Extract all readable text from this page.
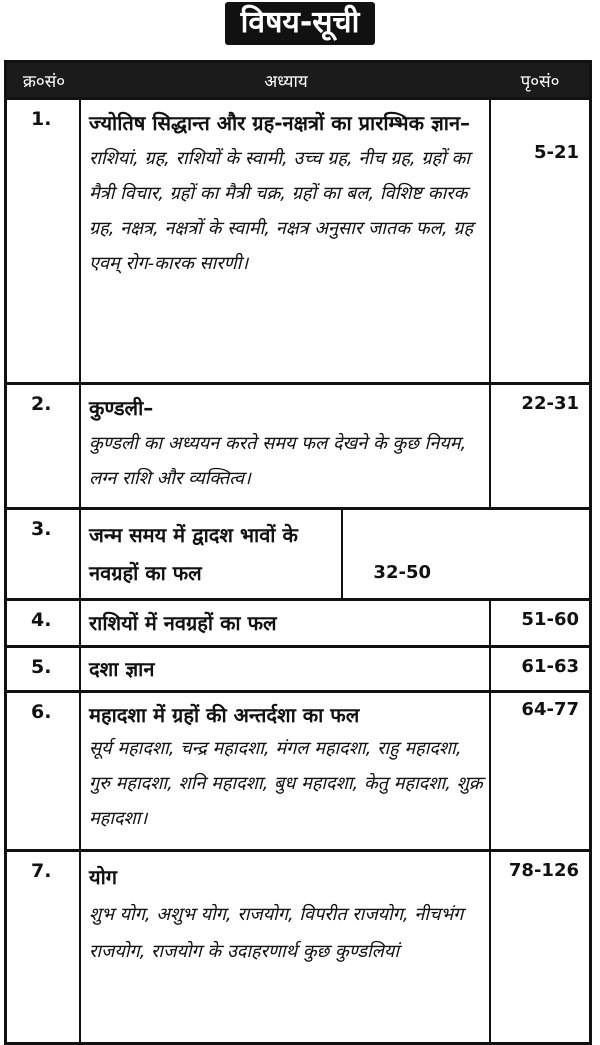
विषय-सूची
क्र०सं०	अध्याय	पृ०सं०
1.	ज्योतिष सिद्धान्त और ग्रह-नक्षत्रों का प्रारम्भिक ज्ञान–
राशियां, ग्रह, राशियों के स्वामी, उच्च ग्रह, नीच ग्रह, ग्रहों का मैत्री विचार, ग्रहों का मैत्री चक्र, ग्रहों का बल, विशिष्ट कारक ग्रह, नक्षत्र, नक्षत्रों के स्वामी, नक्षत्र अनुसार जातक फल, ग्रह एवम् रोग-कारक सारणी।
5-21
2.	कुण्डली–
कुण्डली का अध्ययन करते समय फल देखने के कुछ नियम, लग्न राशि और व्यक्तित्व।
22-31
3.	जन्म समय में द्वादश भावों के नवग्रहों का फल	32-50
4.	राशियों में नवग्रहों का फल	51-60
5.	दशा ज्ञान	61-63
6.	महादशा में ग्रहों की अन्तर्दशा का फल
सूर्य महादशा, चन्द्र महादशा, मंगल महादशा, राहु महादशा, गुरु महादशा, शनि महादशा, बुध महादशा, केतु महादशा, शुक्र महादशा।
64-77
7.	योग
शुभ योग, अशुभ योग, राजयोग, विपरीत राजयोग, नीचभंग राजयोग, राजयोग के उदाहरणार्थ कुछ कुण्डलियां
78-126
